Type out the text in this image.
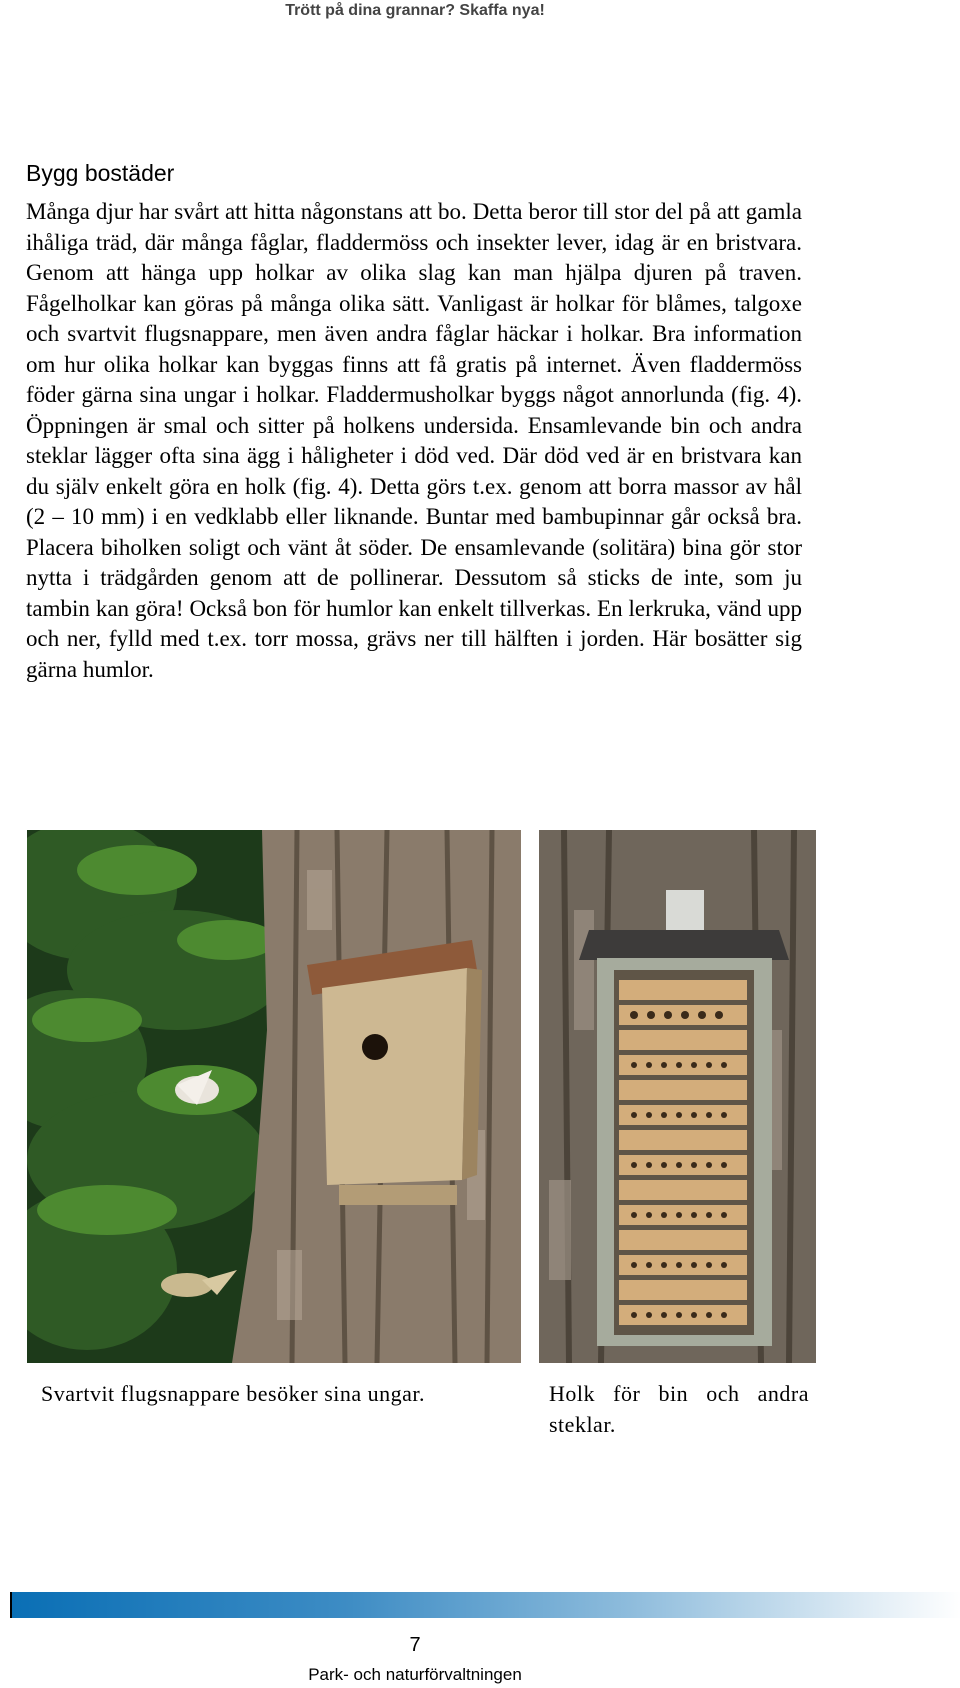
Trött på dina grannar? Skaffa nya!
Bygg bostäder

Många djur har svårt att hitta någonstans att bo. Detta beror till stor del på att gamla ihåliga träd, där många fåglar, fladdermöss och insekter lever, idag är en bristvara. Genom att hänga upp holkar av olika slag kan man hjälpa djuren på traven. Fågelholkar kan göras på många olika sätt. Vanligast är holkar för blåmes, talgoxe och svartvit flugsnappare, men även andra fåglar häckar i holkar. Bra information om hur olika holkar kan byggas finns att få gratis på internet. Även fladdermöss föder gärna sina ungar i holkar. Fladdermusholkar byggs något annorlunda (fig. 4). Öppningen är smal och sitter på holkens undersida. Ensamlevande bin och andra steklar lägger ofta sina ägg i håligheter i död ved. Där död ved är en bristvara kan du själv enkelt göra en holk (fig. 4). Detta görs t.ex. genom att borra massor av hål (2 – 10 mm) i en vedklabb eller liknande. Buntar med bambupinnar går också bra. Placera biholken soligt och vänt åt söder. De ensamlevande (solitära) bina gör stor nytta i trädgården genom att de pollinerar. Dessutom så sticks de inte, som ju tambin kan göra! Också bon för humlor kan enkelt tillverkas. En lerkruka, vänd upp och ner, fylld med t.ex. torr mossa, grävs ner till hälften i jorden. Här bosätter sig gärna humlor.

Svartvit flugsnappare besöker sina ungar.	Holk för bin och andra steklar.
7
Park- och naturförvaltningen
